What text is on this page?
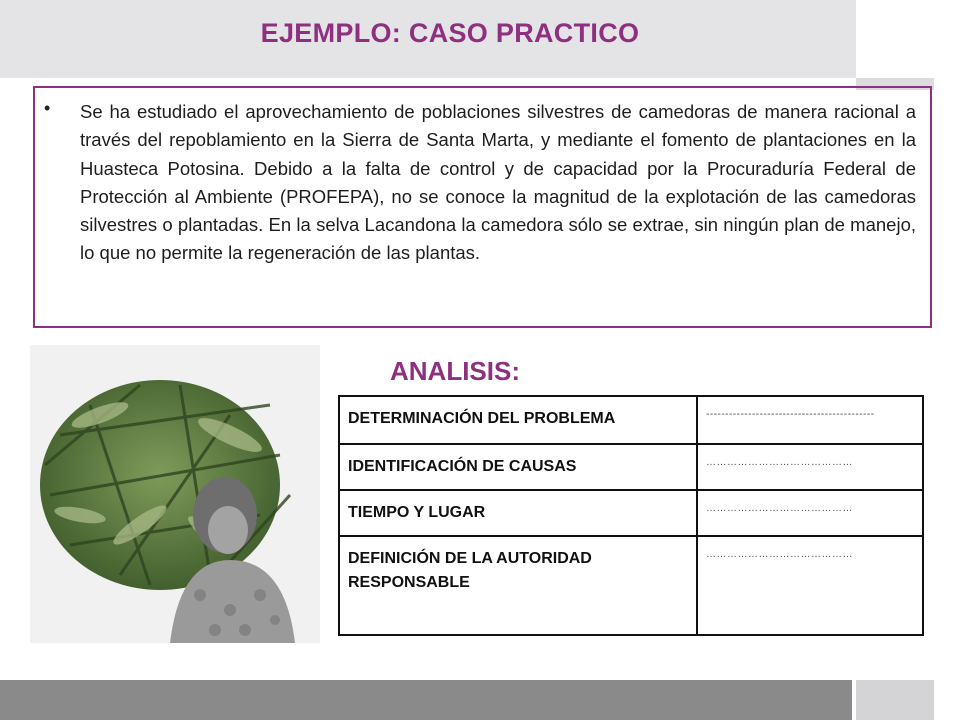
EJEMPLO: CASO PRACTICO
• Se ha estudiado el aprovechamiento de poblaciones silvestres de camedoras de manera racional a través del repoblamiento en la Sierra de Santa Marta, y mediante el fomento de plantaciones en la Huasteca Potosina. Debido a la falta de control y de capacidad por la Procuraduría Federal de Protección al Ambiente (PROFEPA), no se conoce la magnitud de la explotación de las camedoras silvestres o plantadas. En la selva Lacandona la camedora sólo se extrae, sin ningún plan de manejo, lo que no permite la regeneración de las plantas.

ANALISIS:
DETERMINACIÓN DEL PROBLEMA	--------------------------------------------
IDENTIFICACIÓN DE CAUSAS	……………………………………
TIEMPO Y LUGAR	……………………………………
DEFINICIÓN DE LA AUTORIDAD RESPONSABLE	……………………………………
